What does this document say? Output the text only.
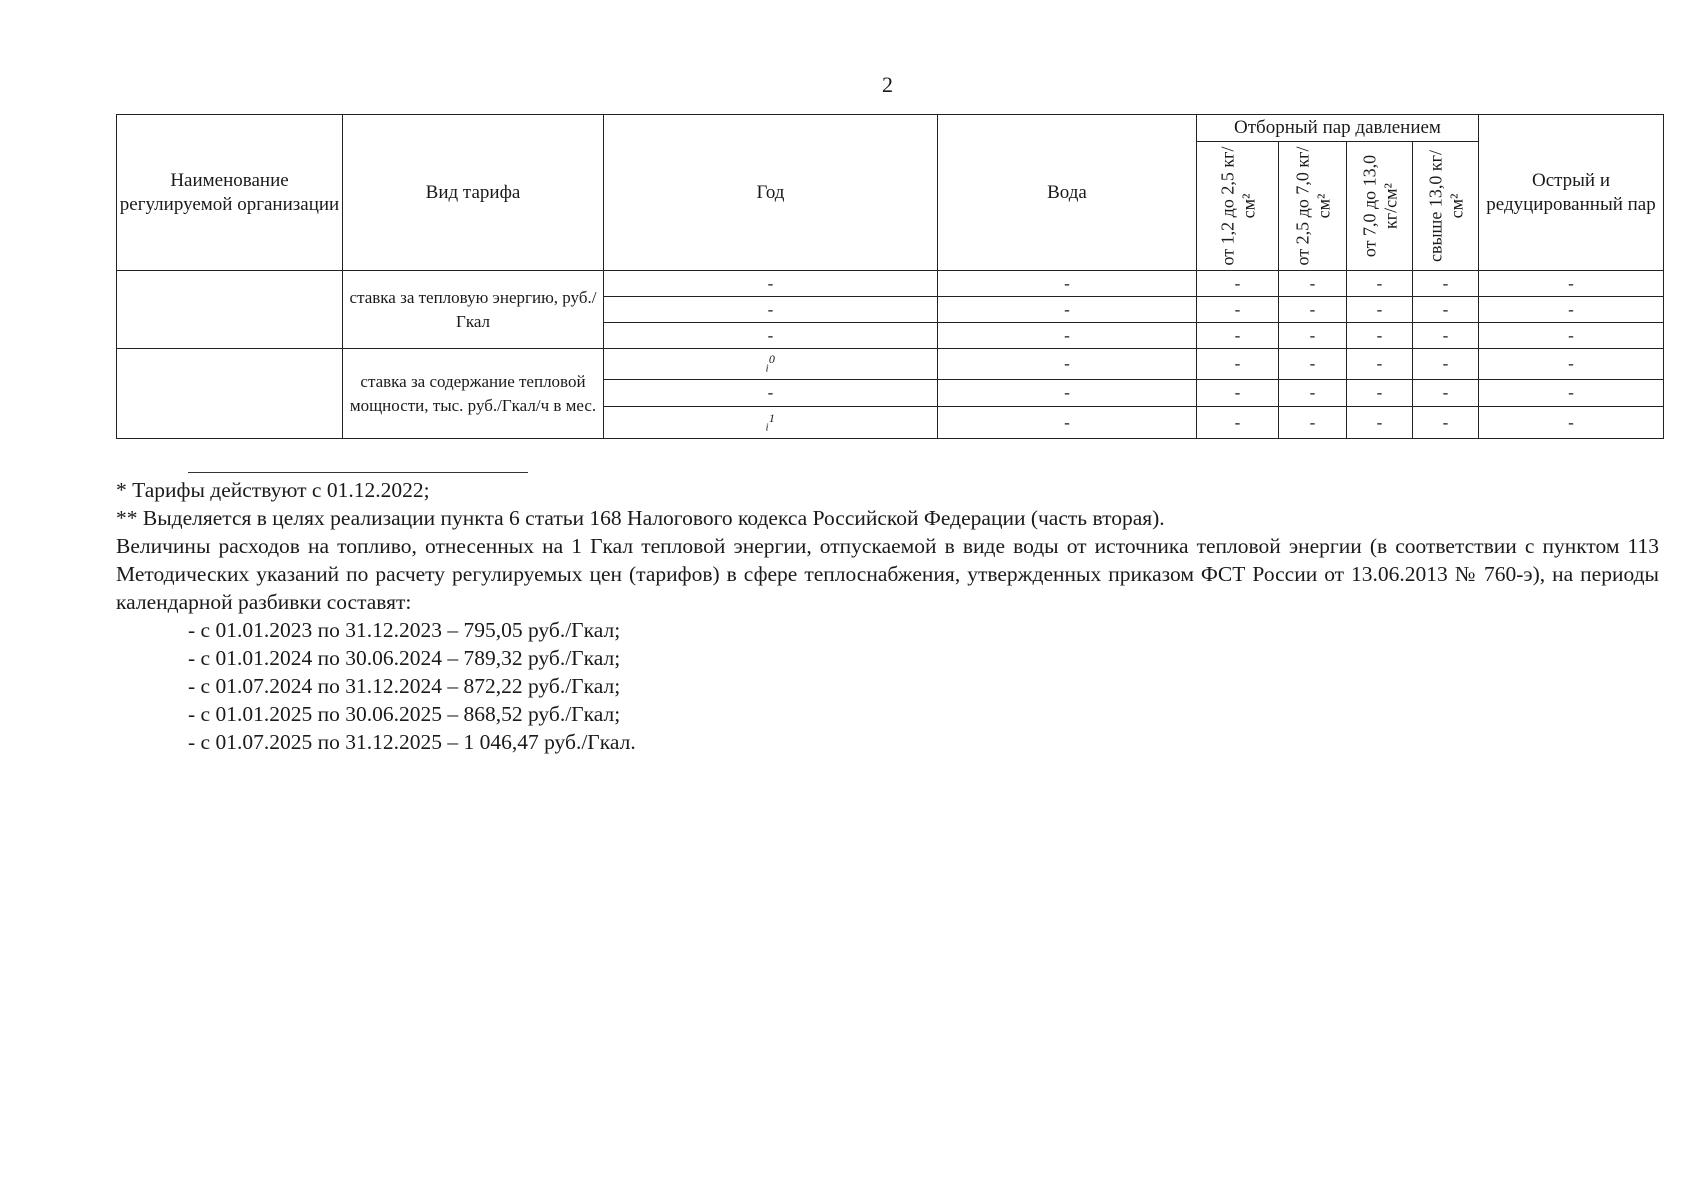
2
Наименование регулируемой организации	Вид тарифа	Год	Вода	Отборный пар давлением				Острый и редуцированный пар

				от 1,2 до 2,5 кг/см²	от 2,5 до 7,0 кг/см²	от 7,0 до 13,0 кг/см²	свыше 13,0 кг/см²	

	ставка за тепловую энергию, руб./Гкал	-	-	-	-	-	-	-
		-	-	-	-	-	-	-
		-	-	-	-	-	-	-
	ставка за содержание тепловой мощности, тыс. руб./Гкал/ч в мес.	ᵢ$^0$	-	-	-	-	-	-
		-	-	-	-	-	-	-
		ᵢ$^1$	-	-	-	-	-	-

* Тарифы действуют с 01.12.2022;

** Выделяется в целях реализации пункта 6 статьи 168 Налогового кодекса Российской Федерации (часть вторая).

Величины расходов на топливо, отнесенных на 1 Гкал тепловой энергии, отпускаемой в виде воды от источника тепловой энергии (в соответствии с пунктом 113 Методических указаний по расчету регулируемых цен (тарифов) в сфере теплоснабжения, утвержденных приказом ФСТ России от 13.06.2013 № 760-э), на периоды календарной разбивки составят:

- с 01.01.2023 по 31.12.2023 – 795,05 руб./Гкал;
- с 01.01.2024 по 30.06.2024 – 789,32 руб./Гкал;
- с 01.07.2024 по 31.12.2024 – 872,22 руб./Гкал;
- с 01.01.2025 по 30.06.2025 – 868,52 руб./Гкал;
- с 01.07.2025 по 31.12.2025 – 1 046,47 руб./Гкал.
